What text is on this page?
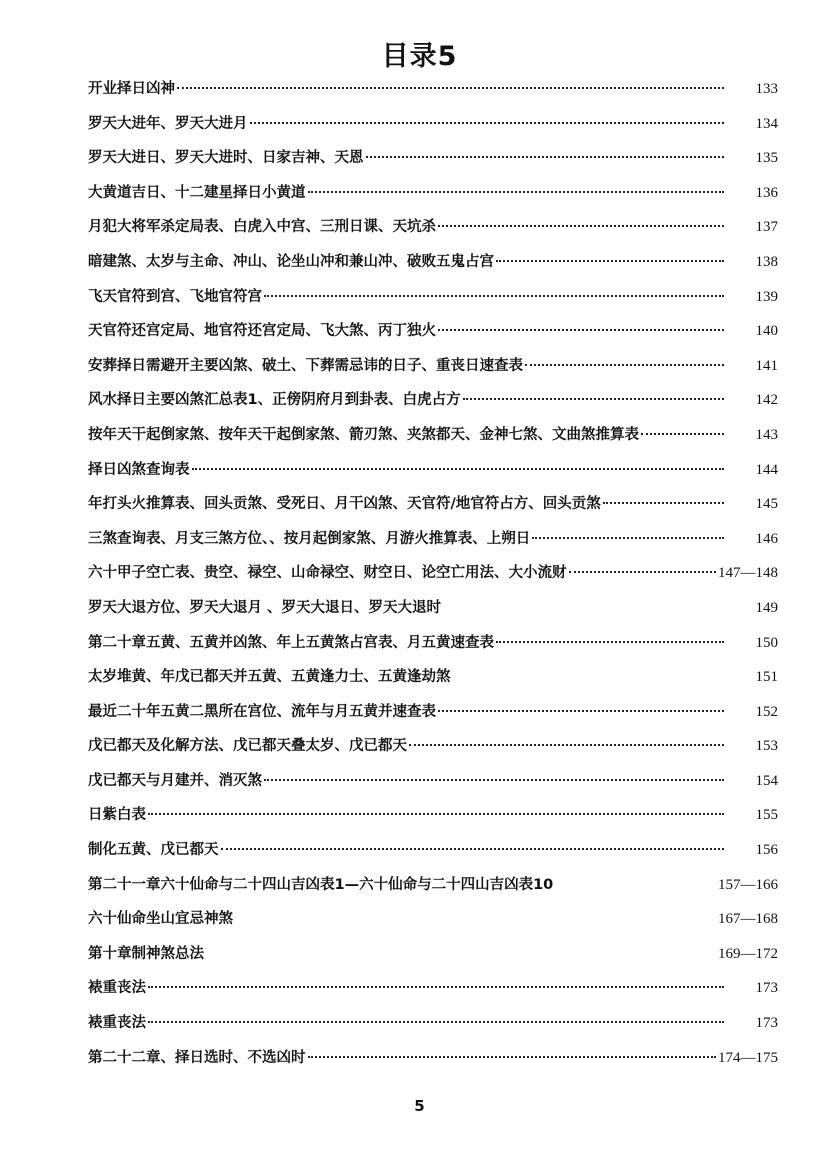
目录5
开业择日凶神	133
罗天大进年、罗天大进月	134
罗天大进日、罗天大进时、日家吉神、天恩	135
大黄道吉日、十二建星择日小黄道	136
月犯大将军杀定局表、白虎入中宫、三刑日课、天坑杀	137
暗建煞、太岁与主命、冲山、论坐山冲和兼山冲、破败五鬼占宫	138
飞天官符到宫、飞地官符宫	139
天官符还宫定局、地官符还宫定局、飞大煞、丙丁独火	140
安葬择日需避开主要凶煞、破土、下葬需忌讳的日子、重丧日速查表	141
风水择日主要凶煞汇总表1、正傍阴府月到卦表、白虎占方	142
按年天干起倒家煞、按年天干起倒家煞、箭刃煞、夹煞都天、金神七煞、文曲煞推算表	143
择日凶煞查询表	144
年打头火推算表、回头贡煞、受死日、月干凶煞、天官符/地官符占方、回头贡煞	145
三煞查询表、月支三煞方位、、按月起倒家煞、月游火推算表、上朔日	146
六十甲子空亡表、贵空、禄空、山命禄空、财空日、论空亡用法、大小流财	147—148
罗天大退方位、罗天大退月 、罗天大退日、罗天大退时	149
第二十章五黄、五黄并凶煞、年上五黄煞占宫表、月五黄速查表	150
太岁堆黄、年戊已都天并五黄、五黄逢力士、五黄逢劫煞	151
最近二十年五黄二黑所在宫位、流年与月五黄并速查表	152
戊已都天及化解方法、戊已都天叠太岁、戊已都天	153
戊已都天与月建并、消灭煞	154
日紫白表	155
制化五黄、戊已都天	156
第二十一章六十仙命与二十四山吉凶表1—六十仙命与二十四山吉凶表10	157—166
六十仙命坐山宜忌神煞	167—168
第十章制神煞总法	169—172
裱重丧法	173
裱重丧法	173
第二十二章、择日选时、不选凶时	174—175
5
